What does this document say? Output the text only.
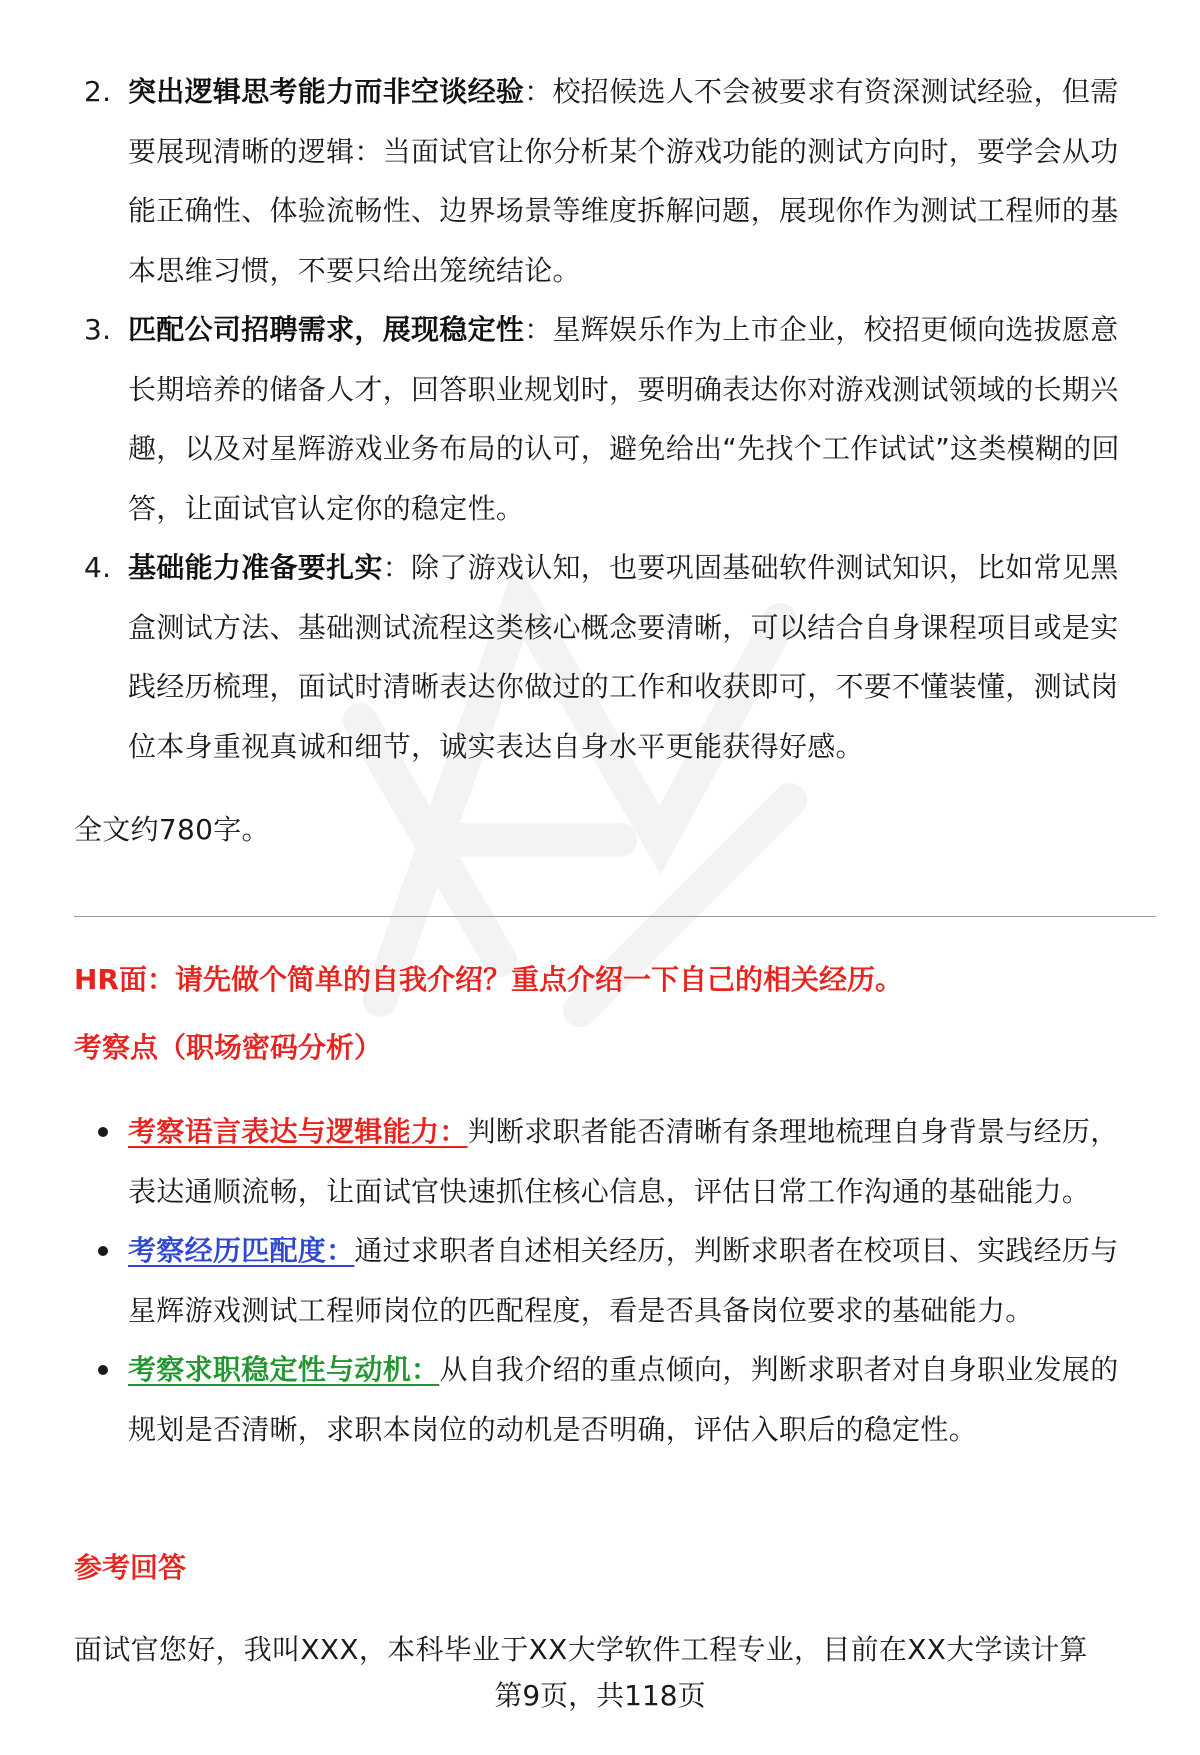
2. 突出逻辑思考能力而非空谈经验：校招候选人不会被要求有资深测试经验，但需要展现清晰的逻辑：当面试官让你分析某个游戏功能的测试方向时，要学会从功能正确性、体验流畅性、边界场景等维度拆解问题，展现你作为测试工程师的基本思维习惯，不要只给出笼统结论。
3. 匹配公司招聘需求，展现稳定性：星辉娱乐作为上市企业，校招更倾向选拔愿意长期培养的储备人才，回答职业规划时，要明确表达你对游戏测试领域的长期兴趣，以及对星辉游戏业务布局的认可，避免给出“先找个工作试试”这类模糊的回答，让面试官认定你的稳定性。
4. 基础能力准备要扎实：除了游戏认知，也要巩固基础软件测试知识，比如常见黑盒测试方法、基础测试流程这类核心概念要清晰，可以结合自身课程项目或是实践经历梳理，面试时清晰表达你做过的工作和收获即可，不要不懂装懂，测试岗位本身重视真诚和细节，诚实表达自身水平更能获得好感。
全文约780字。
HR面：请先做个简单的自我介绍？重点介绍一下自己的相关经历。
考察点（职场密码分析）
考察语言表达与逻辑能力：判断求职者能否清晰有条理地梳理自身背景与经历，表达通顺流畅，让面试官快速抓住核心信息，评估日常工作沟通的基础能力。
考察经历匹配度：通过求职者自述相关经历，判断求职者在校项目、实践经历与星辉游戏测试工程师岗位的匹配程度，看是否具备岗位要求的基础能力。
考察求职稳定性与动机：从自我介绍的重点倾向，判断求职者对自身职业发展的规划是否清晰，求职本岗位的动机是否明确，评估入职后的稳定性。
参考回答
面试官您好，我叫XXX，本科毕业于XX大学软件工程专业，目前在XX大学读计算
第9页，共118页
